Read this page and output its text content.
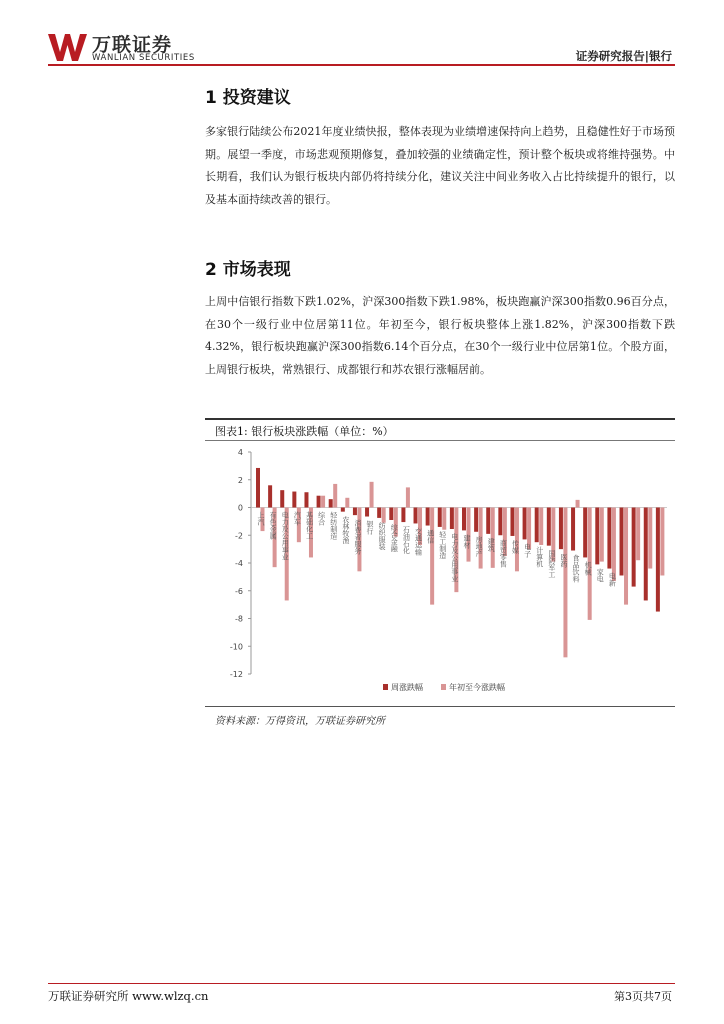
万联证券
WANLIAN SECURITIES	证券研究报告|银行
1 投资建议

多家银行陆续公布2021年度业绩快报，整体表现为业绩增速保持向上趋势，且稳健性好于市场预期。展望一季度，市场悲观预期修复，叠加较强的业绩确定性，预计整个板块或将维持强势。中长期看，我们认为银行板块内部仍将持续分化，建议关注中间业务收入占比持续提升的银行，以及基本面持续改善的银行。

2 市场表现

上周中信银行指数下跌1.02%，沪深300指数下跌1.98%，板块跑赢沪深300指数0.96百分点，在30个一级行业中位居第11位。年初至今，银行板块整体上涨1.82%，沪深300指数下跌4.32%，银行板块跑赢沪深300指数6.14个百分点，在30个一级行业中位居第1位。个股方面，上周银行板块，常熟银行、成都银行和苏农银行涨幅居前。

图表1: 银行板块涨跌幅（单位：%）
4
2
0
-2
-4
-6
-8
-10
-12
上汽 有色金属 电力及公用事业 汽车 基础化工 综合 轻纺制造 农林牧渔 消费者服务 银行 纺织服装 综合金融 石油石化 交通运输 通信 轻工制造 电力及公用事业 建材 房地产 建筑 商贸零售 传媒 电子 计算机 国防军工 医药 食品饮料 机械 家电 电新
周涨跌幅	年初至今涨跌幅
资料来源：万得资讯，万联证券研究所
万联证券研究所 www.wlzq.cn	第3页共7页
